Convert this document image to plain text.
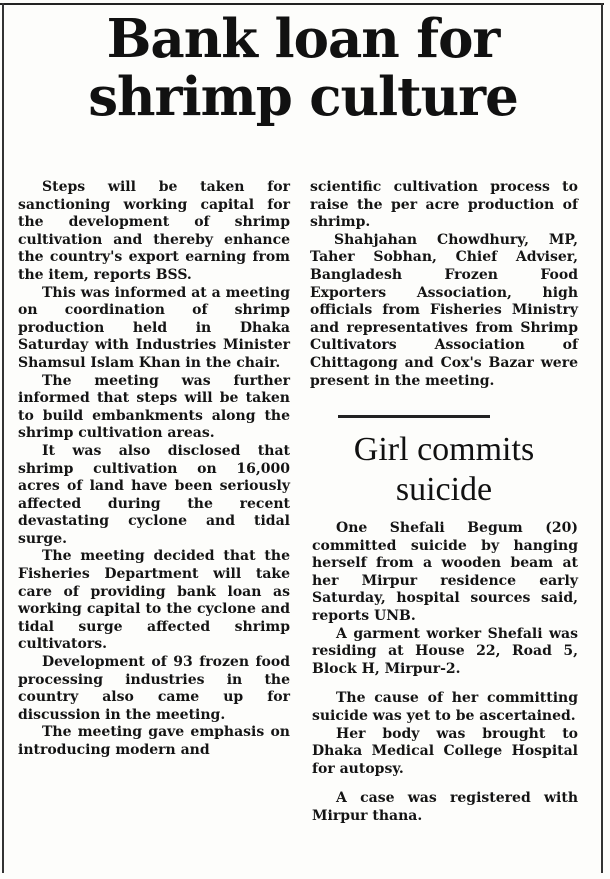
Bank loan for shrimp culture

Steps will be taken for sanctioning working capital for the development of shrimp cultivation and thereby enhance the country's export earning from the item, reports BSS.

This was informed at a meeting on coordination of shrimp production held in Dhaka Saturday with Industries Minister Shamsul Islam Khan in the chair.

The meeting was further informed that steps will be taken to build embankments along the shrimp cultivation areas.

It was also disclosed that shrimp cultivation on 16,000 acres of land have been seriously affected during the recent devastating cyclone and tidal surge.

The meeting decided that the Fisheries Department will take care of providing bank loan as working capital to the cyclone and tidal surge affected shrimp cultivators.

Development of 93 frozen food processing industries in the country also came up for discussion in the meeting.

The meeting gave emphasis on introducing modern and

scientific cultivation process to raise the per acre production of shrimp.

Shahjahan Chowdhury, MP, Taher Sobhan, Chief Adviser, Bangladesh Frozen Food Exporters Association, high officials from Fisheries Ministry and representatives from Shrimp Cultivators Association of Chittagong and Cox's Bazar were present in the meeting.

Girl commits suicide

One Shefali Begum (20) committed suicide by hanging herself from a wooden beam at her Mirpur residence early Saturday, hospital sources said, reports UNB.

A garment worker Shefali was residing at House 22, Road 5, Block H, Mirpur-2.

The cause of her committing suicide was yet to be ascertained.

Her body was brought to Dhaka Medical College Hospital for autopsy.

A case was registered with Mirpur thana.
